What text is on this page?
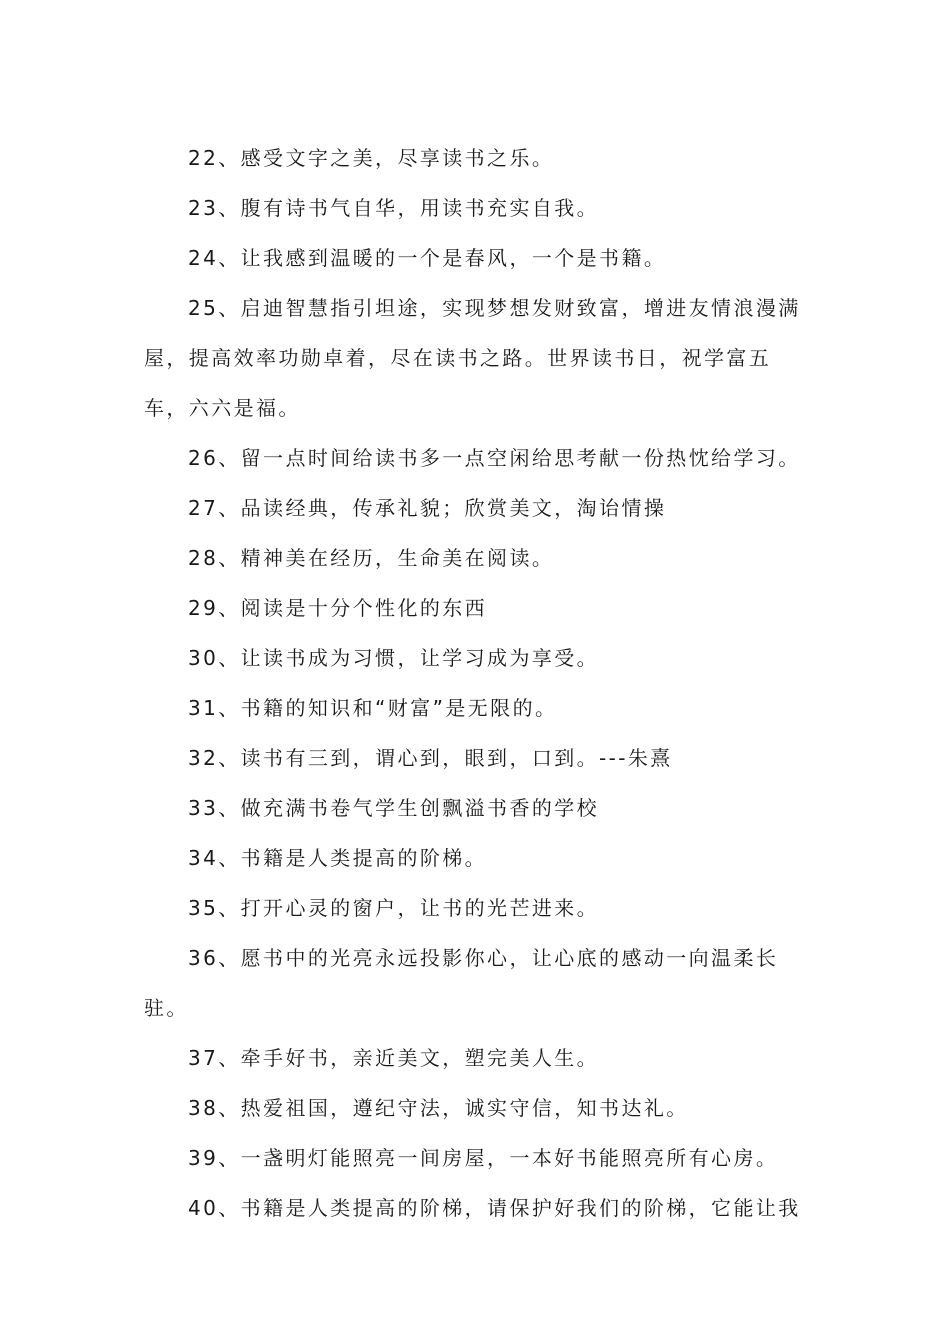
22、感受文字之美，尽享读书之乐。

23、腹有诗书气自华，用读书充实自我。

24、让我感到温暖的一个是春风，一个是书籍。

25、启迪智慧指引坦途，实现梦想发财致富，增进友情浪漫满屋，提高效率功勋卓着，尽在读书之路。世界读书日，祝学富五车，六六是福。

26、留一点时间给读书多一点空闲给思考献一份热忱给学习。

27、品读经典，传承礼貌；欣赏美文，淘诒情操

28、精神美在经历，生命美在阅读。

29、阅读是十分个性化的东西

30、让读书成为习惯，让学习成为享受。

31、书籍的知识和“财富”是无限的。

32、读书有三到，谓心到，眼到，口到。---朱熹

33、做充满书卷气学生创飘溢书香的学校

34、书籍是人类提高的阶梯。

35、打开心灵的窗户，让书的光芒进来。

36、愿书中的光亮永远投影你心，让心底的感动一向温柔长驻。

37、牵手好书，亲近美文，塑完美人生。

38、热爱祖国，遵纪守法，诚实守信，知书达礼。

39、一盏明灯能照亮一间房屋，一本好书能照亮所有心房。

40、书籍是人类提高的阶梯，请保护好我们的阶梯，它能让我
